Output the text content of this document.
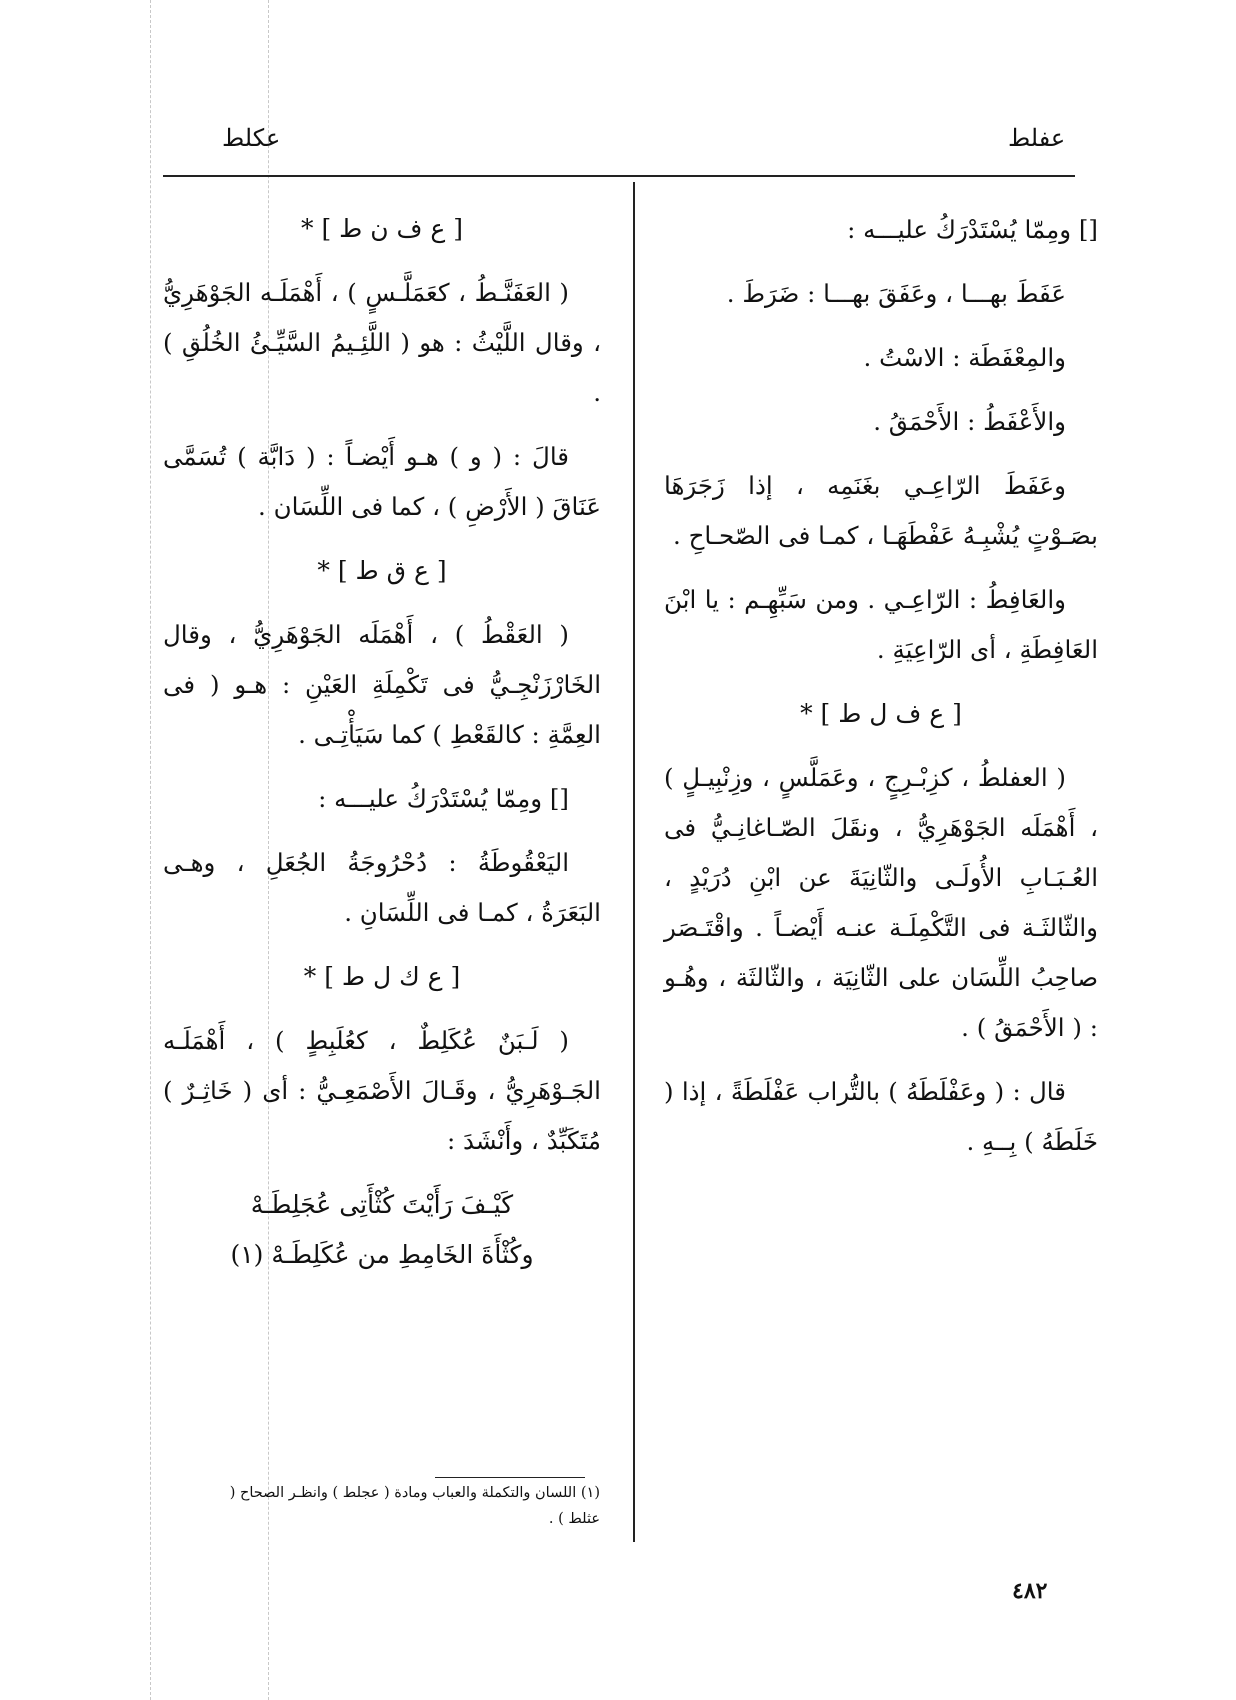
عفلط
عكلط

[] ومِمّا يُسْتَدْرَكُ عليـــه :

عَفَطَ بهـــا ، وعَفَقَ بهـــا : ضَرَطَ .

والمِعْفَطَة : الاسْتُ .

والأَعْفَطُ : الأَحْمَقُ .

وعَفَطَ الرّاعِـي بغَنَمِه ، إذا زَجَرَهَا بصَـوْتٍ يُشْبِـهُ عَفْطَهَـا ، كمـا فى الصّحـاحِ .

والعَافِطُ : الرّاعِـي . ومن سَبِّهِـم : يا ابْنَ العَافِطَةِ ، أى الرّاعِيَةِ .

[ ع ف ل ط ] *

( العفلطُ ، كزِبْـرِجٍ ، وعَمَلَّسٍ ، وزِنْبِيـلٍ ) ، أَهْمَلَه الجَوْهَرِيُّ ، ونقَلَ الصّـاغانِـيُّ فى العُـبَـابِ الأُولَـى والثّانِيَةَ عن ابْنِ دُرَيْدٍ ، والثّالثَـة فى التَّكْمِلَـة عنـه أَيْضـاً . واقْتَـصَر صاحِبُ اللِّسَان على الثّانِيَة ، والثّالثَة ، وهُـو : ( الأَحْمَقُ ) .

قال : ( وعَفْلَطَهُ ) بالتُّراب عَفْلَطَةً ، إذا ( خَلَطَهُ ) بِــهِ .

[ ع ف ن ط ] *

( العَفَنَّـطُ ، كعَمَلَّـسٍ ) ، أَهْمَلَـه الجَوْهَرِيُّ ، وقال اللَّيْثُ : هو ( اللَّئِـيمُ السَّيِّـئُ الخُلُقِ ) .

قالَ : ( و ) هـو أَيْضـاً : ( دَابَّة ) تُسَمَّى عَنَاقَ ( الأَرْضِ ) ، كما فى اللِّسَان .

[ ع ق ط ] *

( العَقْطُ ) ، أَهْمَلَه الجَوْهَرِيُّ ، وقال الخَارْزَنْجِـيُّ فى تَكْمِلَةِ العَيْنِ : هـو ( فى العِمَّةِ : كالقَعْطِ ) كما سَيَأْتِـى .

[] ومِمّا يُسْتَدْرَكُ عليـــه :

اليَعْقُوطَةُ : دُحْرُوجَةُ الجُعَلِ ، وهـى البَعَرَةُ ، كمـا فى اللِّسَانِ .

[ ع ك ل ط ] *

( لَـبَنٌ عُكَلِطٌ ، كعُلَبِطٍ ) ، أَهْمَلَـه الجَـوْهَرِيُّ ، وقَـالَ الأَصْمَعِـيُّ : أى ( خَاثِـرٌ ) مُتَكَبِّدٌ ، وأَنْشَدَ :

كَيْـفَ رَأَيْتَ كُثْأَتِى عُجَلِطَـهْ

وكُثْأَةَ الخَامِطِ من عُكَلِطَـهْ (١)

(١) اللسان والتكملة والعباب ومادة ( عجلط ) وانظـر الصحاح ( عثلط ) .
٤٨٢
